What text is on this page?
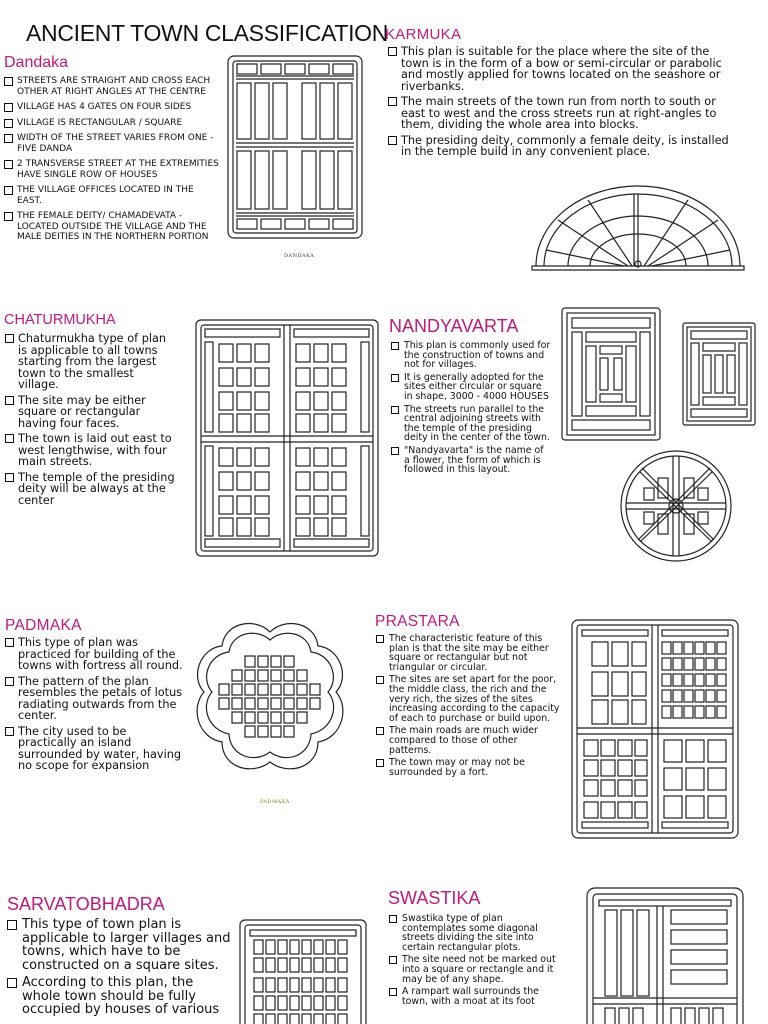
ANCIENT TOWN CLASSIFICATION
Dandaka
STREETS ARE STRAIGHT AND CROSS EACH OTHER AT RIGHT ANGLES AT THE CENTRE
VILLAGE HAS 4 GATES ON FOUR SIDES
VILLAGE IS RECTANGULAR / SQUARE
WIDTH OF THE STREET VARIES FROM ONE - FIVE DANDA
2 TRANSVERSE STREET AT THE EXTREMITIES HAVE SINGLE ROW OF HOUSES
THE VILLAGE OFFICES LOCATED IN THE EAST.
THE FEMALE DEITY/ CHAMADEVATA - LOCATED OUTSIDE THE VILLAGE AND THE MALE DEITIES IN THE NORTHERN PORTION
DANDAKA
KARMUKA
This plan is suitable for the place where the site of the town is in the form of a bow or semi-circular or parabolic and mostly applied for towns located on the seashore or riverbanks.
The main streets of the town run from north to south or east to west and the cross streets run at right-angles to them, dividing the whole area into blocks.
The presiding deity, commonly a female deity, is installed in the temple build in any convenient place.
CHATURMUKHA
Chaturmukha type of plan is applicable to all towns starting from the largest town to the smallest village.
The site may be either square or rectangular having four faces.
The town is laid out east to west lengthwise, with four main streets.
The temple of the presiding deity will be always at the center
NANDYAVARTA
This plan is commonly used for the construction of towns and not for villages.
It is generally adopted for the sites either circular or square in shape, 3000 - 4000 HOUSES
The streets run parallel to the central adjoining streets with the temple of the presiding deity in the center of the town.
"Nandyavarta" is the name of a flower, the form of which is followed in this layout.
PADMAKA
This type of plan was practiced for building of the towns with fortress all round.
The pattern of the plan resembles the petals of lotus radiating outwards from the center.
The city used to be practically an island surrounded by water, having no scope for expansion
PADMAKA
PRASTARA
The characteristic feature of this plan is that the site may be either square or rectangular but not triangular or circular.
The sites are set apart for the poor, the middle class, the rich and the very rich, the sizes of the sites increasing according to the capacity of each to purchase or build upon.
The main roads are much wider compared to those of other patterns.
The town may or may not be surrounded by a fort.
SARVATOBHADRA
This type of town plan is applicable to larger villages and towns, which have to be constructed on a square sites.
According to this plan, the whole town should be fully occupied by houses of various
SWASTIKA
Swastika type of plan contemplates some diagonal streets dividing the site into certain rectangular plots.
The site need not be marked out into a square or rectangle and it may be of any shape.
A rampart wall surrounds the town, with a moat at its foot
